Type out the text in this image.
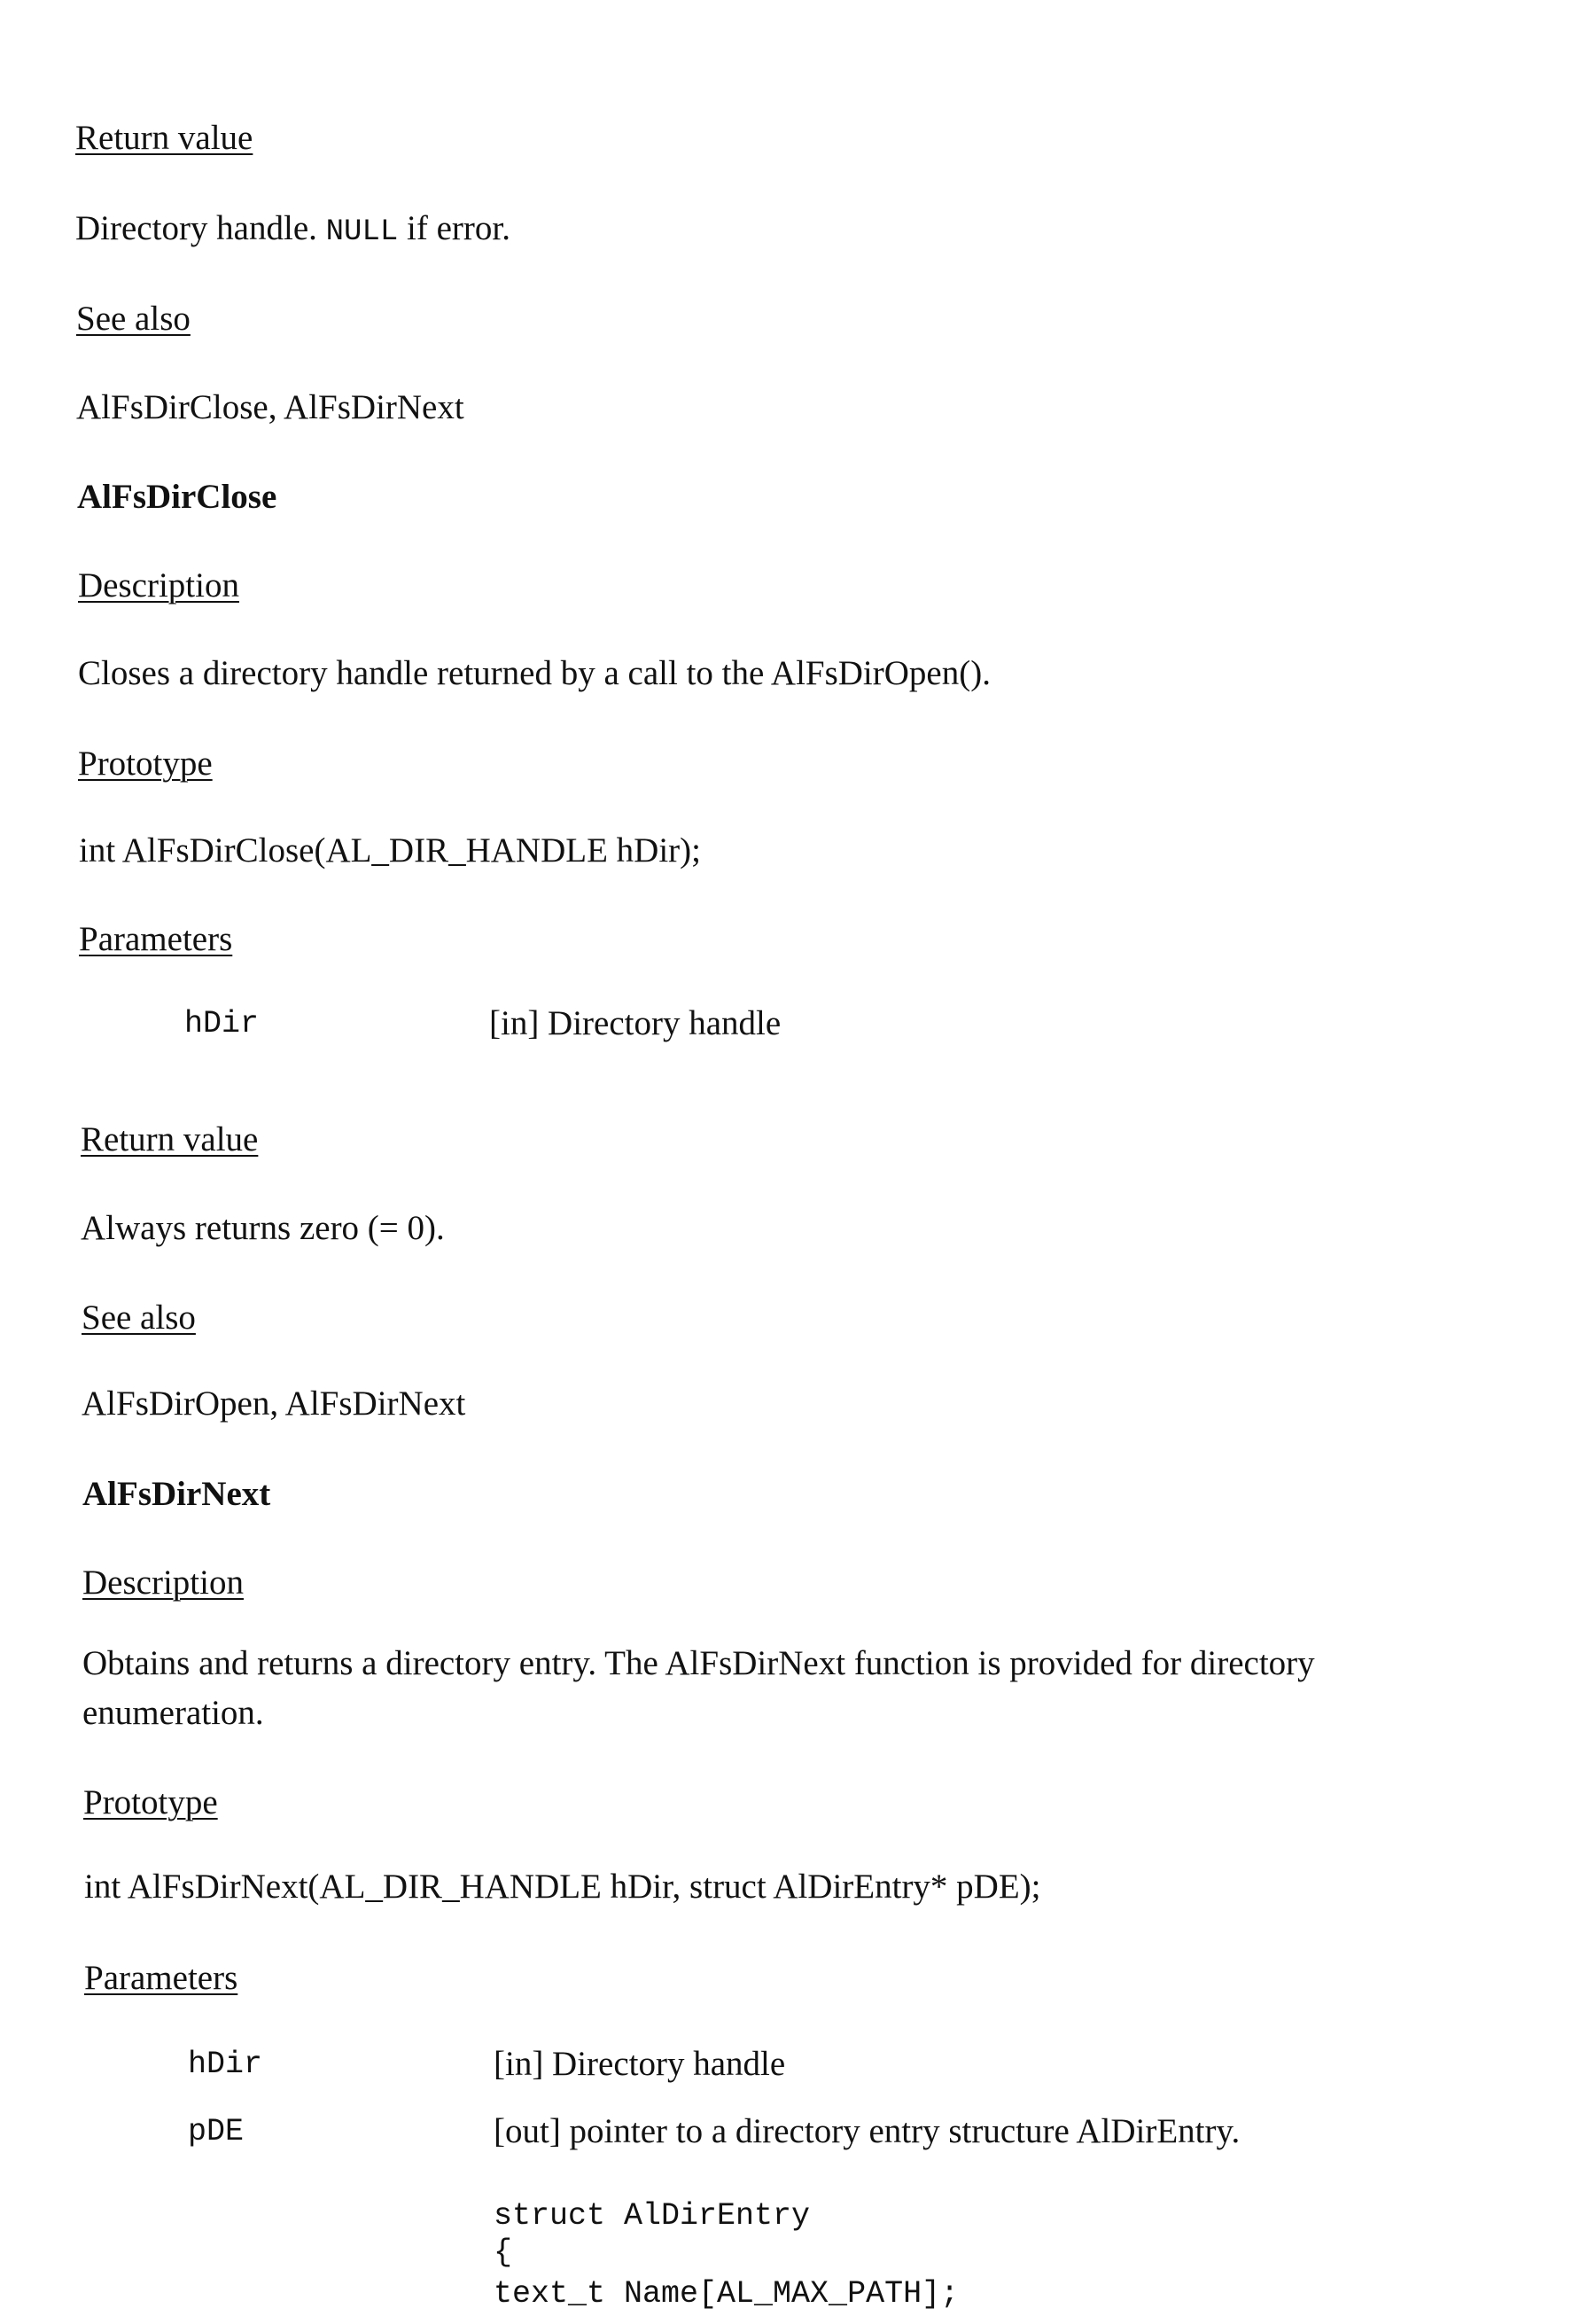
Return value
Directory handle. NULL if error.
See also
AlFsDirClose, AlFsDirNext
AlFsDirClose
Description
Closes a directory handle returned by a call to the AlFsDirOpen().
Prototype
int AlFsDirClose(AL_DIR_HANDLE hDir);
Parameters
hDir	[in] Directory handle
Return value
Always returns zero (= 0).
See also
AlFsDirOpen, AlFsDirNext
AlFsDirNext
Description
Obtains and returns a directory entry. The AlFsDirNext function is provided for directory
enumeration.
Prototype
int AlFsDirNext(AL_DIR_HANDLE hDir, struct AlDirEntry* pDE);
Parameters
hDir	[in] Directory handle
pDE	[out] pointer to a directory entry structure AlDirEntry.
struct AlDirEntry
{
text_t Name[AL_MAX_PATH];
